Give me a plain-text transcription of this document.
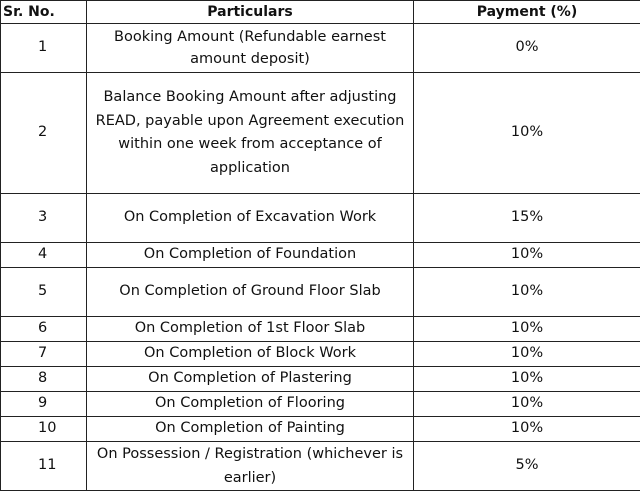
Sr. No.	Particulars	Payment (%)
1	Booking Amount (Refundable earnest amount deposit)	0%
2	Balance Booking Amount after adjusting READ, payable upon Agreement execution within one week from acceptance of application	10%
3	On Completion of Excavation Work	15%
4	On Completion of Foundation	10%
5	On Completion of Ground Floor Slab	10%
6	On Completion of 1st Floor Slab	10%
7	On Completion of Block Work	10%
8	On Completion of Plastering	10%
9	On Completion of Flooring	10%
10	On Completion of Painting	10%
11	On Possession / Registration (whichever is earlier)	5%
